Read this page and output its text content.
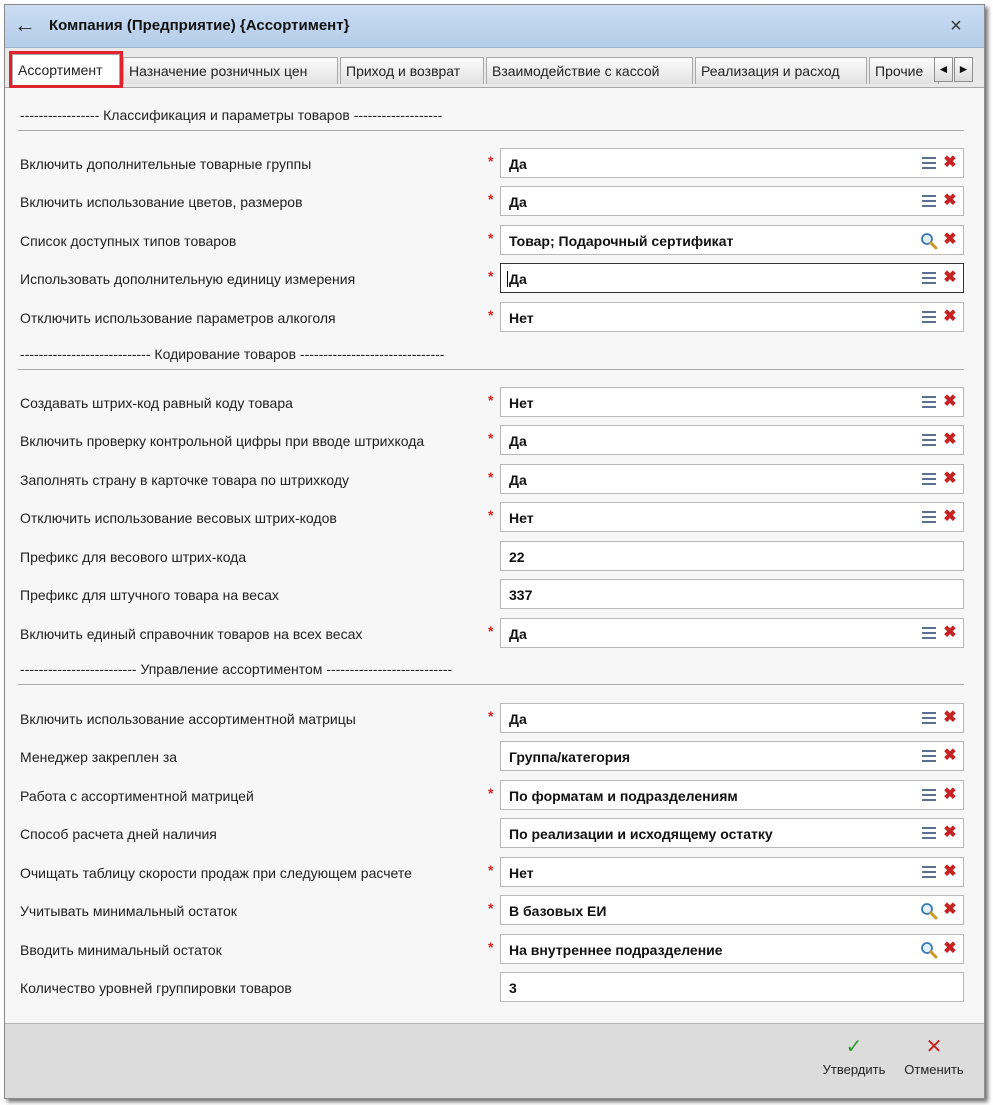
← Компания (Предприятие) {Ассортимент}	×
Ассортимент	Назначение розничных цен	Приход и возврат	Взаимодействие с кассой	Реализация и расход	Прочие	◄ ►
----------------- Классификация и параметры товаров -------------------
---------------------------- Кодирование товаров -------------------------------
------------------------- Управление ассортиментом ---------------------------
Включить дополнительные товарные группы	* Да	✖
Включить использование цветов, размеров	* Да	✖
Список доступных типов товаров	* Товар; Подарочный сертификат	✖
Использовать дополнительную единицу измерения	* Да	✖
Отключить использование параметров алкоголя	* Нет	✖
Создавать штрих-код равный коду товара	* Нет	✖
Включить проверку контрольной цифры при вводе штрихкода	* Да	✖
Заполнять страну в карточке товара по штрихкоду	* Да	✖
Отключить использование весовых штрих-кодов	* Нет	✖
Префикс для весового штрих-кода	22
Префикс для штучного товара на весах	337
Включить единый справочник товаров на всех весах	* Да	✖
Включить использование ассортиментной матрицы	* Да	✖
Менеджер закреплен за	Группа/категория	✖
Работа с ассортиментной матрицей	* По форматам и подразделениям	✖
Способ расчета дней наличия	По реализации и исходящему остатку	✖
Очищать таблицу скорости продаж при следующем расчете	* Нет	✖
Учитывать минимальный остаток	* В базовых ЕИ	✖
Вводить минимальный остаток	* На внутреннее подразделение	✖
Количество уровней группировки товаров	3
✓
Утвердить
✕
Отменить
